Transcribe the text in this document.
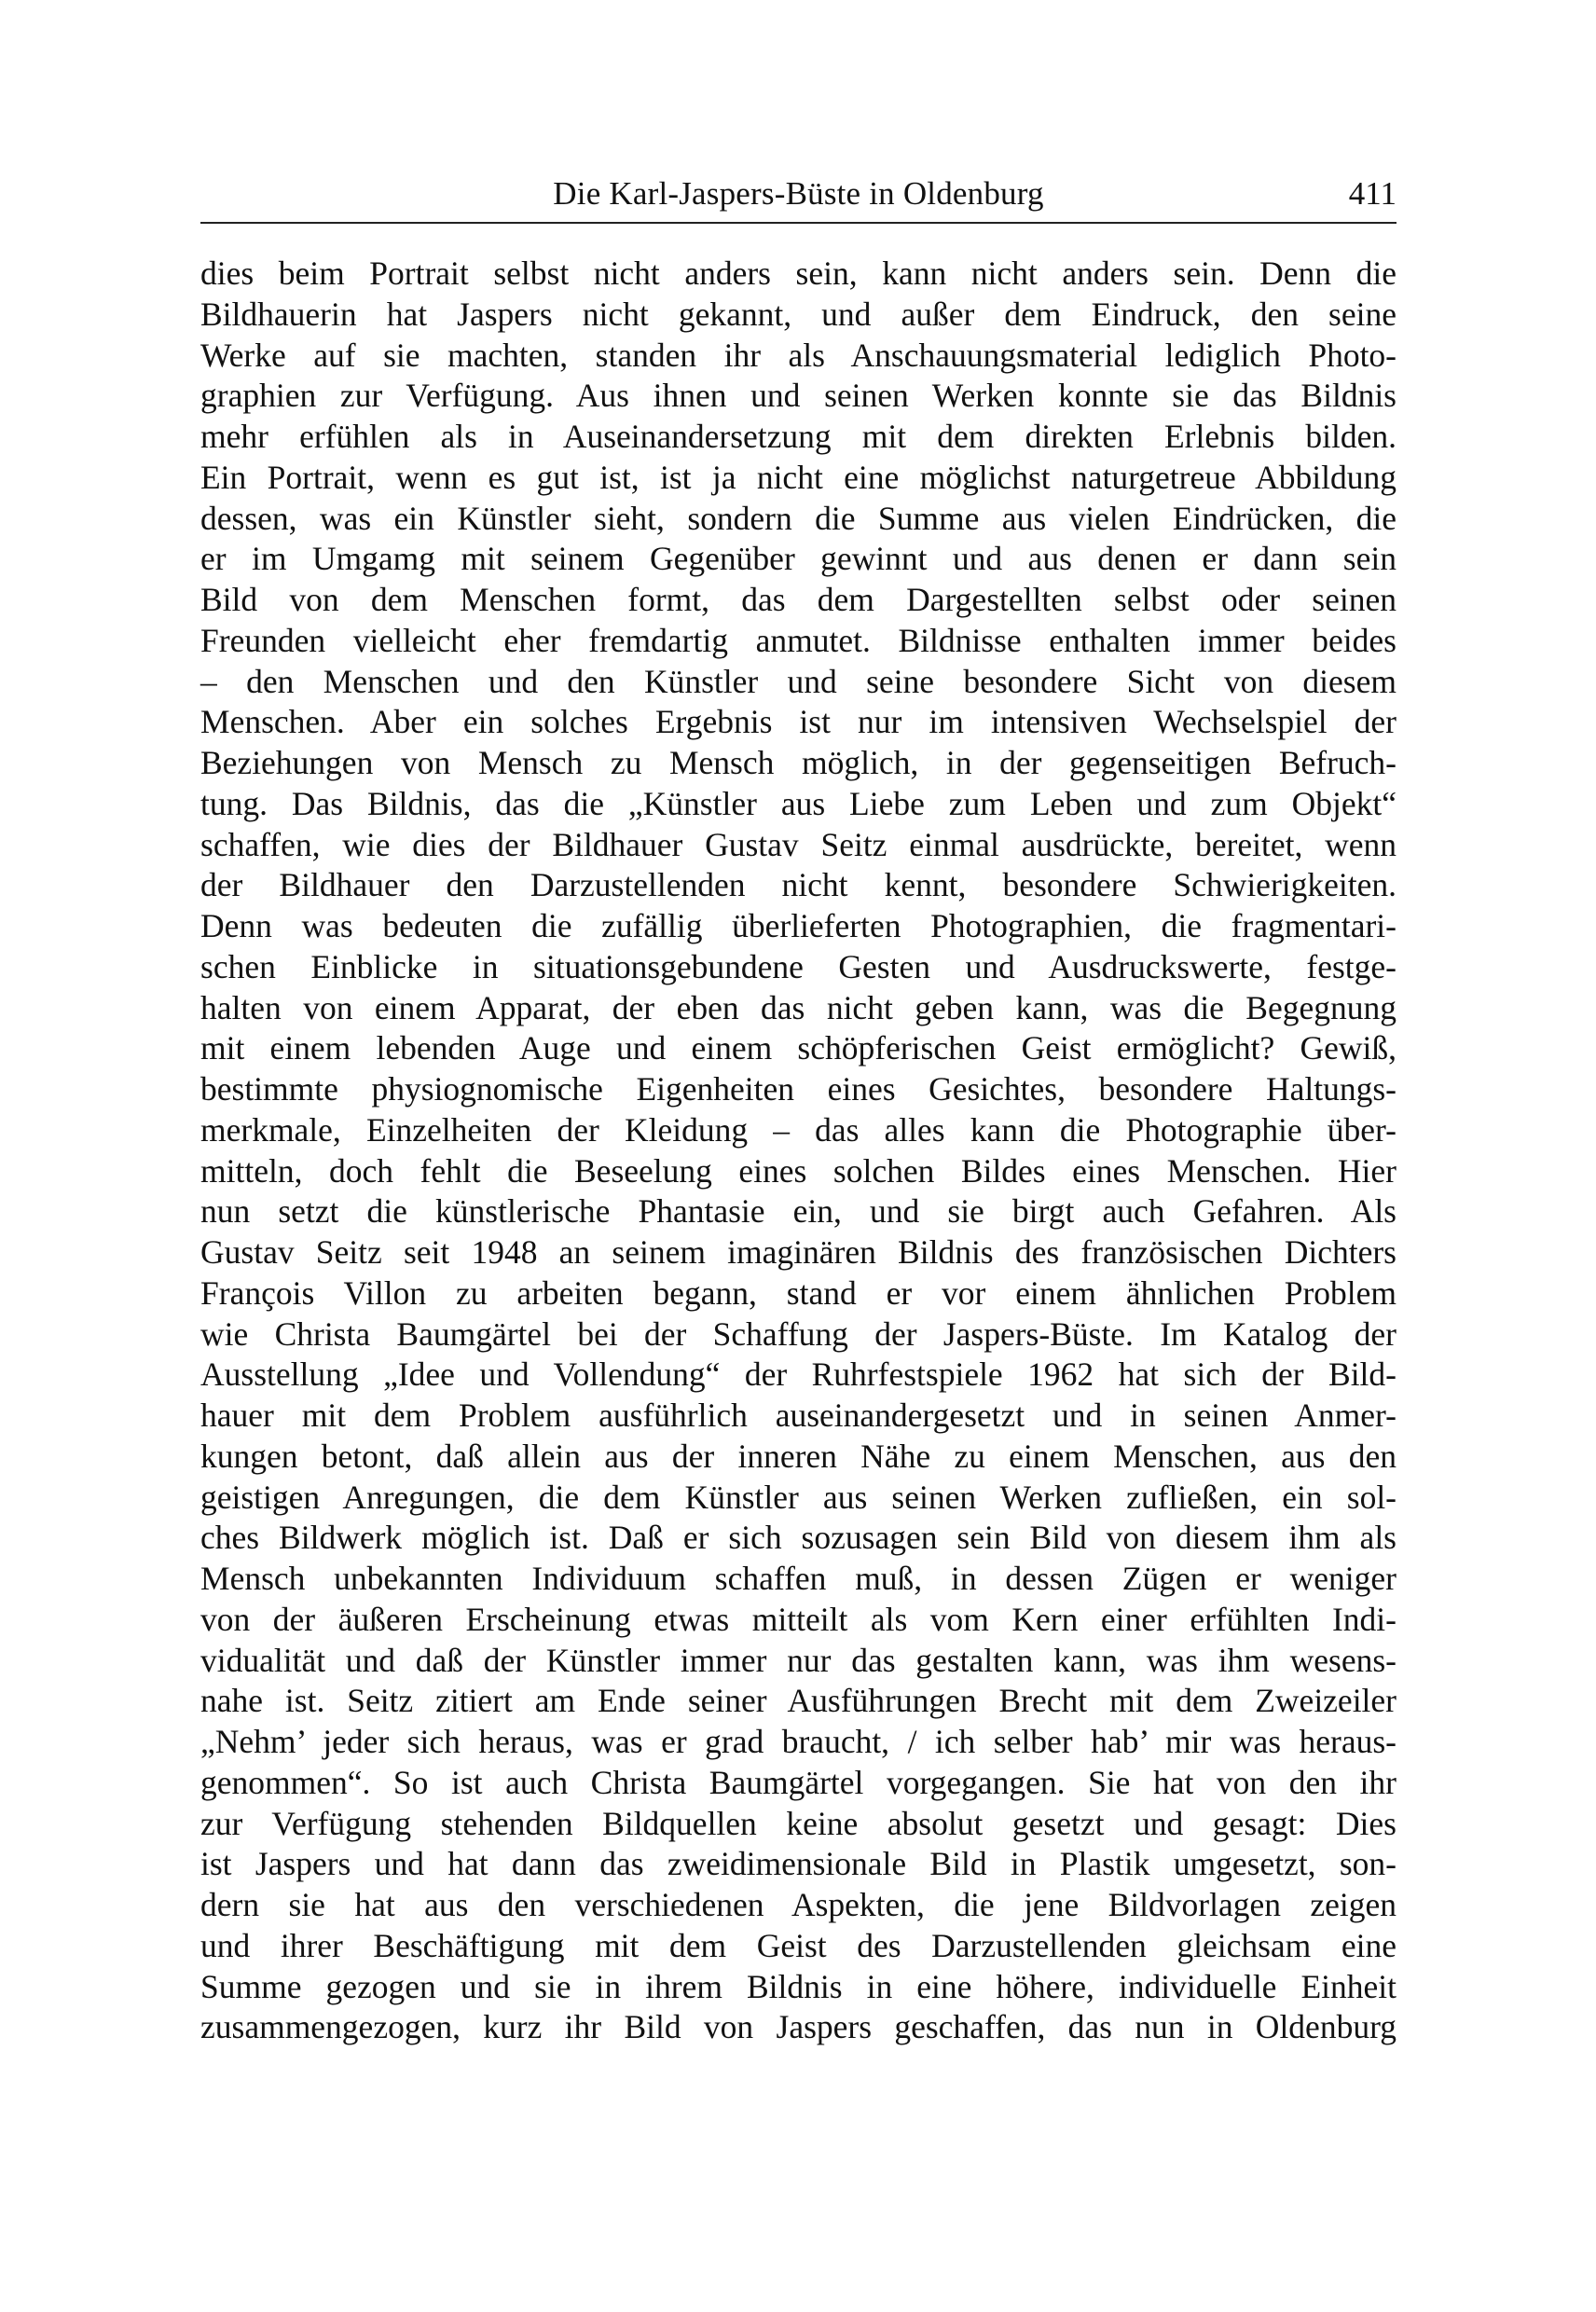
Die Karl-Jaspers-Büste in Oldenburg	411
dies beim Portrait selbst nicht anders sein, kann nicht anders sein. Denn die
Bildhauerin hat Jaspers nicht gekannt, und außer dem Eindruck, den seine
Werke auf sie machten, standen ihr als Anschauungsmaterial lediglich Photo-
graphien zur Verfügung. Aus ihnen und seinen Werken konnte sie das Bildnis
mehr erfühlen als in Auseinandersetzung mit dem direkten Erlebnis bilden.
Ein Portrait, wenn es gut ist, ist ja nicht eine möglichst naturgetreue Abbildung
dessen, was ein Künstler sieht, sondern die Summe aus vielen Eindrücken, die
er im Umgamg mit seinem Gegenüber gewinnt und aus denen er dann sein
Bild von dem Menschen formt, das dem Dargestellten selbst oder seinen
Freunden vielleicht eher fremdartig anmutet. Bildnisse enthalten immer beides
– den Menschen und den Künstler und seine besondere Sicht von diesem
Menschen. Aber ein solches Ergebnis ist nur im intensiven Wechselspiel der
Beziehungen von Mensch zu Mensch möglich, in der gegenseitigen Befruch-
tung. Das Bildnis, das die „Künstler aus Liebe zum Leben und zum Objekt“
schaffen, wie dies der Bildhauer Gustav Seitz einmal ausdrückte, bereitet, wenn
der Bildhauer den Darzustellenden nicht kennt, besondere Schwierigkeiten.
Denn was bedeuten die zufällig überlieferten Photographien, die fragmentari-
schen Einblicke in situationsgebundene Gesten und Ausdruckswerte, festge-
halten von einem Apparat, der eben das nicht geben kann, was die Begegnung
mit einem lebenden Auge und einem schöpferischen Geist ermöglicht? Gewiß,
bestimmte physiognomische Eigenheiten eines Gesichtes, besondere Haltungs-
merkmale, Einzelheiten der Kleidung – das alles kann die Photographie über-
mitteln, doch fehlt die Beseelung eines solchen Bildes eines Menschen. Hier
nun setzt die künstlerische Phantasie ein, und sie birgt auch Gefahren. Als
Gustav Seitz seit 1948 an seinem imaginären Bildnis des französischen Dichters
François Villon zu arbeiten begann, stand er vor einem ähnlichen Problem
wie Christa Baumgärtel bei der Schaffung der Jaspers-Büste. Im Katalog der
Ausstellung „Idee und Vollendung“ der Ruhrfestspiele 1962 hat sich der Bild-
hauer mit dem Problem ausführlich auseinandergesetzt und in seinen Anmer-
kungen betont, daß allein aus der inneren Nähe zu einem Menschen, aus den
geistigen Anregungen, die dem Künstler aus seinen Werken zufließen, ein sol-
ches Bildwerk möglich ist. Daß er sich sozusagen sein Bild von diesem ihm als
Mensch unbekannten Individuum schaffen muß, in dessen Zügen er weniger
von der äußeren Erscheinung etwas mitteilt als vom Kern einer erfühlten Indi-
vidualität und daß der Künstler immer nur das gestalten kann, was ihm wesens-
nahe ist. Seitz zitiert am Ende seiner Ausführungen Brecht mit dem Zweizeiler
„Nehm’ jeder sich heraus, was er grad braucht, / ich selber hab’ mir was heraus-
genommen“. So ist auch Christa Baumgärtel vorgegangen. Sie hat von den ihr
zur Verfügung stehenden Bildquellen keine absolut gesetzt und gesagt: Dies
ist Jaspers und hat dann das zweidimensionale Bild in Plastik umgesetzt, son-
dern sie hat aus den verschiedenen Aspekten, die jene Bildvorlagen zeigen
und ihrer Beschäftigung mit dem Geist des Darzustellenden gleichsam eine
Summe gezogen und sie in ihrem Bildnis in eine höhere, individuelle Einheit
zusammengezogen, kurz ihr Bild von Jaspers geschaffen, das nun in Oldenburg
